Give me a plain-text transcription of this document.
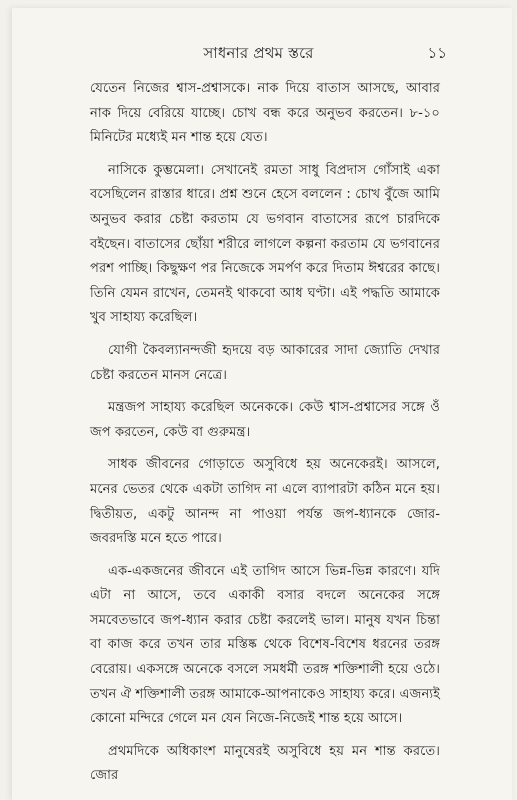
সাধনার প্রথম স্তরে	১১

যেতেন নিজের শ্বাস-প্রশ্বাসকে। নাক দিয়ে বাতাস আসছে, আবার নাক দিয়ে বেরিয়ে যাচ্ছে। চোখ বন্ধ করে অনুভব করতেন। ৮-১০ মিনিটের মধ্যেই মন শান্ত হয়ে যেত।

নাসিকে কুম্ভমেলা। সেখানেই রমতা সাধু বিপ্রদাস গোঁসাই একা বসেছিলেন রাস্তার ধারে। প্রশ্ন শুনে হেসে বললেন : চোখ বুঁজে আমি অনুভব করার চেষ্টা করতাম যে ভগবান বাতাসের রূপে চারদিকে বইছেন। বাতাসের ছোঁয়া শরীরে লাগলে কল্পনা করতাম যে ভগবানের পরশ পাচ্ছি। কিছুক্ষণ পর নিজেকে সমর্পণ করে দিতাম ঈশ্বরের কাছে। তিনি যেমন রাখেন, তেমনই থাকবো আধ ঘণ্টা। এই পদ্ধতি আমাকে খুব সাহায্য করেছিল।

যোগী কৈবল্যানন্দজী হৃদয়ে বড় আকারের সাদা জ্যোতি দেখার চেষ্টা করতেন মানস নেত্রে।

মন্ত্রজপ সাহায্য করেছিল অনেককে। কেউ শ্বাস-প্রশ্বাসের সঙ্গে ওঁ জপ করতেন, কেউ বা গুরুমন্ত্র।

সাধক জীবনের গোড়াতে অসুবিধে হয় অনেকেরই। আসলে, মনের ভেতর থেকে একটা তাগিদ না এলে ব্যাপারটা কঠিন মনে হয়। দ্বিতীয়ত, একটু আনন্দ না পাওয়া পর্যন্ত জপ-ধ্যানকে জোর-জবরদস্তি মনে হতে পারে।

এক-একজনের জীবনে এই তাগিদ আসে ভিন্ন-ভিন্ন কারণে। যদি এটা না আসে, তবে একাকী বসার বদলে অনেকের সঙ্গে সমবেতভাবে জপ-ধ্যান করার চেষ্টা করলেই ভাল। মানুষ যখন চিন্তা বা কাজ করে তখন তার মস্তিষ্ক থেকে বিশেষ-বিশেষ ধরনের তরঙ্গ বেরোয়। একসঙ্গে অনেকে বসলে সমধর্মী তরঙ্গ শক্তিশালী হয়ে ওঠে। তখন ঐ শক্তিশালী তরঙ্গ আমাকে-আপনাকেও সাহায্য করে। এজন্যই কোনো মন্দিরে গেলে মন যেন নিজে-নিজেই শান্ত হয়ে আসে।

প্রথমদিকে অধিকাংশ মানুষেরই অসুবিধে হয় মন শান্ত করতে। জোর
